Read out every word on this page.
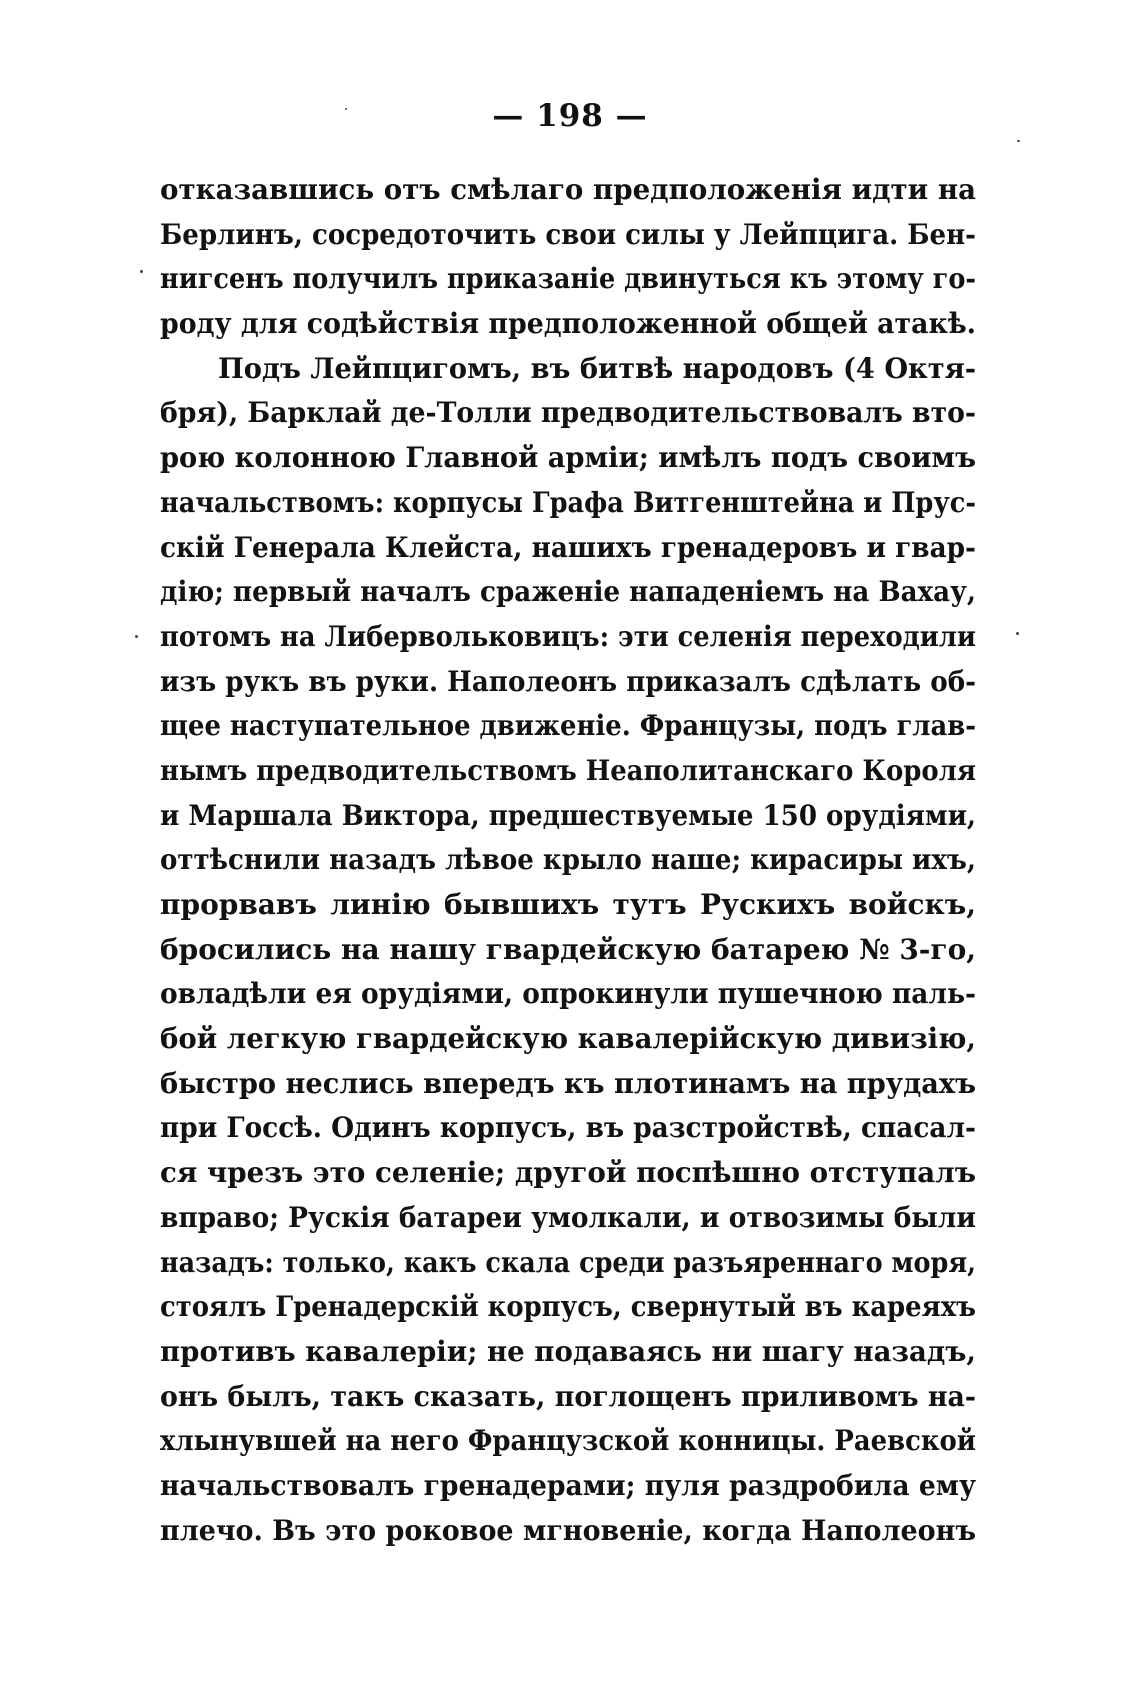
— 198 —
отказавшись отъ смѣлаго предположенія идти на
Берлинъ, сосредоточить свои силы у Лейпцига. Бен-
нигсенъ получилъ приказаніе двинуться къ этому го-
роду для содѣйствія предположенной общей атакѣ.
Подъ Лейпцигомъ, въ битвѣ народовъ (4 Октя-
бря), Барклай де-Толли предводительствовалъ вто-
рою колонною Главной арміи; имѣлъ подъ своимъ
начальствомъ: корпусы Графа Витгенштейна и Прус-
скій Генерала Клейста, нашихъ гренадеровъ и гвар-
дію; первый началъ сраженіе нападеніемъ на Вахау,
потомъ на Либервольковицъ: эти селенія переходили
изъ рукъ въ руки. Наполеонъ приказалъ сдѣлать об-
щее наступательное движеніе. Французы, подъ глав-
нымъ предводительствомъ Неаполитанскаго Короля
и Маршала Виктора, предшествуемые 150 орудіями,
оттѣснили назадъ лѣвое крыло наше; кирасиры ихъ,
прорвавъ линію бывшихъ тутъ Рускихъ войскъ,
бросились на нашу гвардейскую батарею № 3-го,
овладѣли ея орудіями, опрокинули пушечною паль-
бой легкую гвардейскую кавалерійскую дивизію,
быстро неслись впередъ къ плотинамъ на прудахъ
при Госсѣ. Одинъ корпусъ, въ разстройствѣ, спасал-
ся чрезъ это селеніе; другой поспѣшно отступалъ
вправо; Рускія батареи умолкали, и отвозимы были
назадъ: только, какъ скала среди разъяреннаго моря,
стоялъ Гренадерскій корпусъ, свернутый въ кареяхъ
противъ кавалеріи; не подаваясь ни шагу назадъ,
онъ былъ, такъ сказать, поглощенъ приливомъ на-
хлынувшей на него Французской конницы. Раевской
начальствовалъ гренадерами; пуля раздробила ему
плечо. Въ это роковое мгновеніе, когда Наполеонъ
